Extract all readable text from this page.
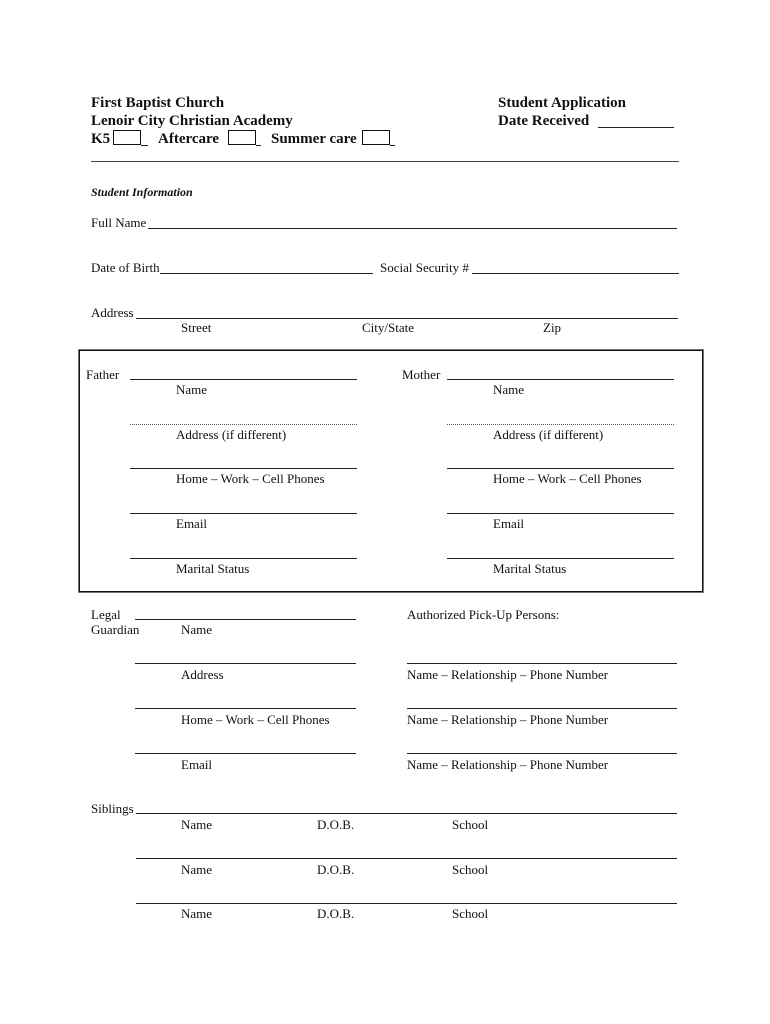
First Baptist Church
Lenoir City Christian Academy
K5	Aftercare	Summer care
Student Application
Date Received
Student Information
Full Name
Date of Birth	Social Security #
Address
Street	City/State	Zip
Father
Name
Address (if different)
Home – Work – Cell Phones
Email
Marital Status
Mother
Name
Address (if different)
Home – Work – Cell Phones
Email
Marital Status
Legal
Guardian	Name
Address
Home – Work – Cell Phones
Email
Authorized Pick-Up Persons:
Name – Relationship – Phone Number
Name – Relationship – Phone Number
Name – Relationship – Phone Number
Siblings
Name	D.O.B.	School
Name	D.O.B.	School
Name	D.O.B.	School
